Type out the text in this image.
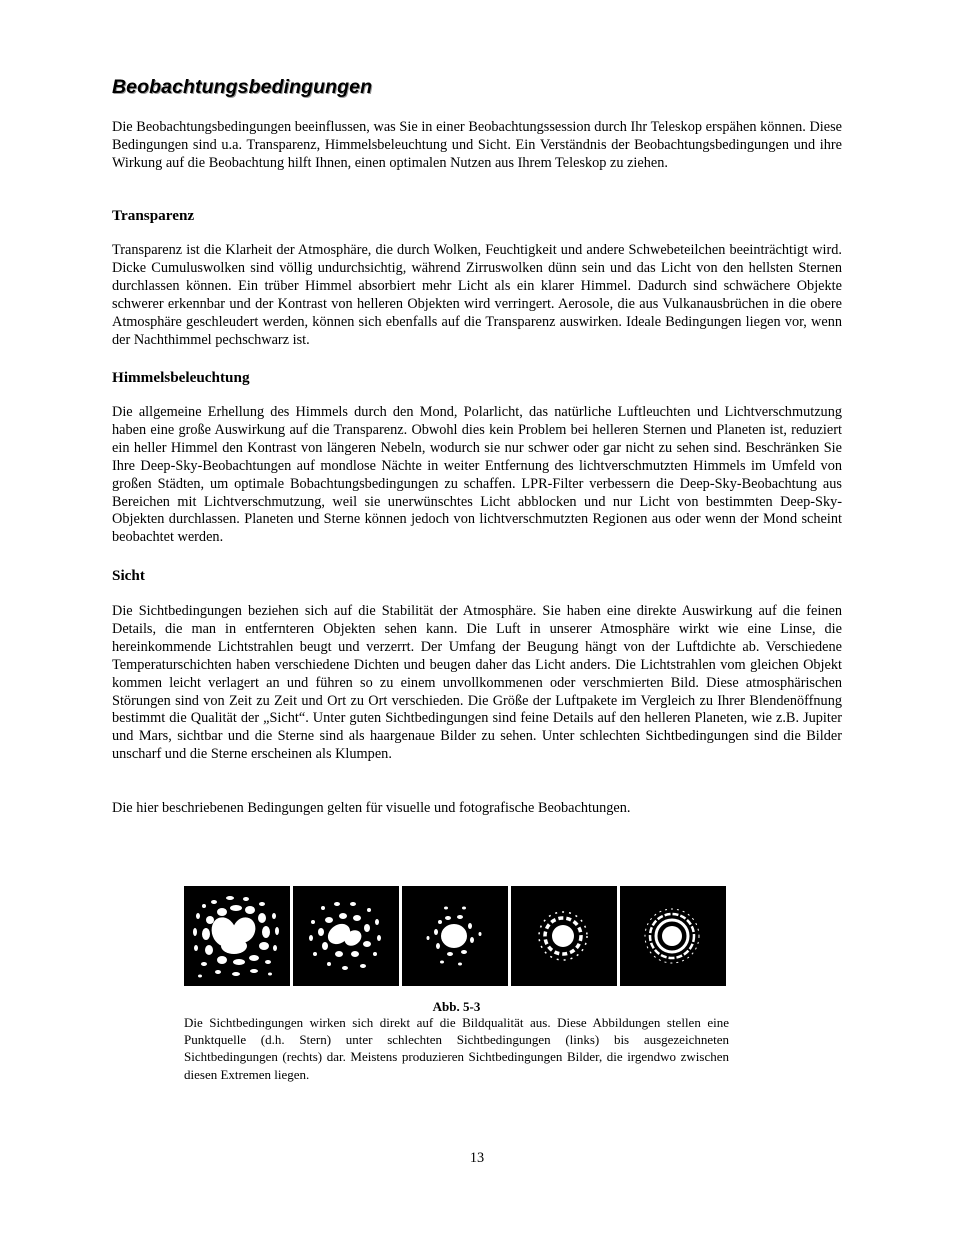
Beobachtungsbedingungen

Die Beobachtungsbedingungen beeinflussen, was Sie in einer Beobachtungssession durch Ihr Teleskop erspähen können. Diese Bedingungen sind u.a. Transparenz, Himmelsbeleuchtung und Sicht. Ein Verständnis der Beobachtungsbedingungen und ihre Wirkung auf die Beobachtung hilft Ihnen, einen optimalen Nutzen aus Ihrem Teleskop zu ziehen.

Transparenz

Transparenz ist die Klarheit der Atmosphäre, die durch Wolken, Feuchtigkeit und andere Schwebeteilchen beeinträchtigt wird. Dicke Cumuluswolken sind völlig undurchsichtig, während Zirruswolken dünn sein und das Licht von den hellsten Sternen durchlassen können. Ein trüber Himmel absorbiert mehr Licht als ein klarer Himmel. Dadurch sind schwächere Objekte schwerer erkennbar und der Kontrast von helleren Objekten wird verringert. Aerosole, die aus Vulkanausbrüchen in die obere Atmosphäre geschleudert werden, können sich ebenfalls auf die Transparenz auswirken. Ideale Bedingungen liegen vor, wenn der Nachthimmel pechschwarz ist.

Himmelsbeleuchtung

Die allgemeine Erhellung des Himmels durch den Mond, Polarlicht, das natürliche Luftleuchten und Lichtverschmutzung haben eine große Auswirkung auf die Transparenz. Obwohl dies kein Problem bei helleren Sternen und Planeten ist, reduziert ein heller Himmel den Kontrast von längeren Nebeln, wodurch sie nur schwer oder gar nicht zu sehen sind. Beschränken Sie Ihre Deep-Sky-Beobachtungen auf mondlose Nächte in weiter Entfernung des lichtverschmutzten Himmels im Umfeld von großen Städten, um optimale Bobachtungsbedingungen zu schaffen. LPR-Filter verbessern die Deep-Sky-Beobachtung aus Bereichen mit Lichtverschmutzung, weil sie unerwünschtes Licht abblocken und nur Licht von bestimmten Deep-Sky-Objekten durchlassen. Planeten und Sterne können jedoch von lichtverschmutzten Regionen aus oder wenn der Mond scheint beobachtet werden.

Sicht

Die Sichtbedingungen beziehen sich auf die Stabilität der Atmosphäre. Sie haben eine direkte Auswirkung auf die feinen Details, die man in entfernteren Objekten sehen kann. Die Luft in unserer Atmosphäre wirkt wie eine Linse, die hereinkommende Lichtstrahlen beugt und verzerrt. Der Umfang der Beugung hängt von der Luftdichte ab. Verschiedene Temperaturschichten haben verschiedene Dichten und beugen daher das Licht anders. Die Lichtstrahlen vom gleichen Objekt kommen leicht verlagert an und führen so zu einem unvollkommenen oder verschmierten Bild. Diese atmosphärischen Störungen sind von Zeit zu Zeit und Ort zu Ort verschieden. Die Größe der Luftpakete im Vergleich zu Ihrer Blendenöffnung bestimmt die Qualität der „Sicht“. Unter guten Sichtbedingungen sind feine Details auf den helleren Planeten, wie z.B. Jupiter und Mars, sichtbar und die Sterne sind als haargenaue Bilder zu sehen. Unter schlechten Sichtbedingungen sind die Bilder unscharf und die Sterne erscheinen als Klumpen.

Die hier beschriebenen Bedingungen gelten für visuelle und fotografische Beobachtungen.

Abb. 5-3

Die Sichtbedingungen wirken sich direkt auf die Bildqualität aus. Diese Abbildungen stellen eine Punktquelle (d.h. Stern) unter schlechten Sichtbedingungen (links) bis ausgezeichneten Sichtbedingungen (rechts) dar. Meistens produzieren Sichtbedingungen Bilder, die irgendwo zwischen diesen Extremen liegen.

13
